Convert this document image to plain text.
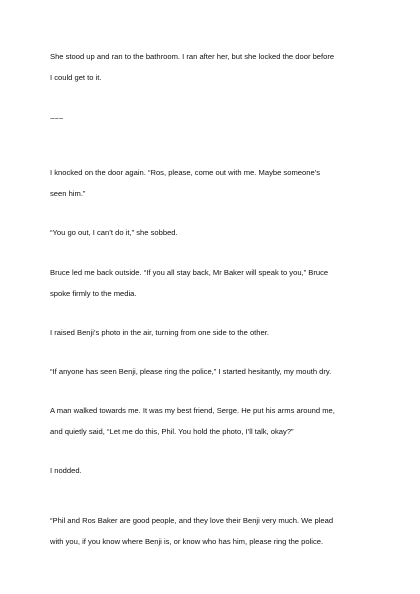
She stood up and ran to the bathroom. I ran after her, but she locked the door before
I could get to it.

~~~

I knocked on the door again. “Ros, please, come out with me. Maybe someone’s
seen him.”

“You go out, I can’t do it,” she sobbed.

Bruce led me back outside. “If you all stay back, Mr Baker will speak to you,” Bruce
spoke firmly to the media.

I raised Benji’s photo in the air, turning from one side to the other.

“If anyone has seen Benji, please ring the police,” I started hesitantly, my mouth dry.

A man walked towards me. It was my best friend, Serge. He put his arms around me,
and quietly said, “Let me do this, Phil. You hold the photo, I’ll talk, okay?”

I nodded.

“Phil and Ros Baker are good people, and they love their Benji very much. We plead
with you, if you know where Benji is, or know who has him, please ring the police.
